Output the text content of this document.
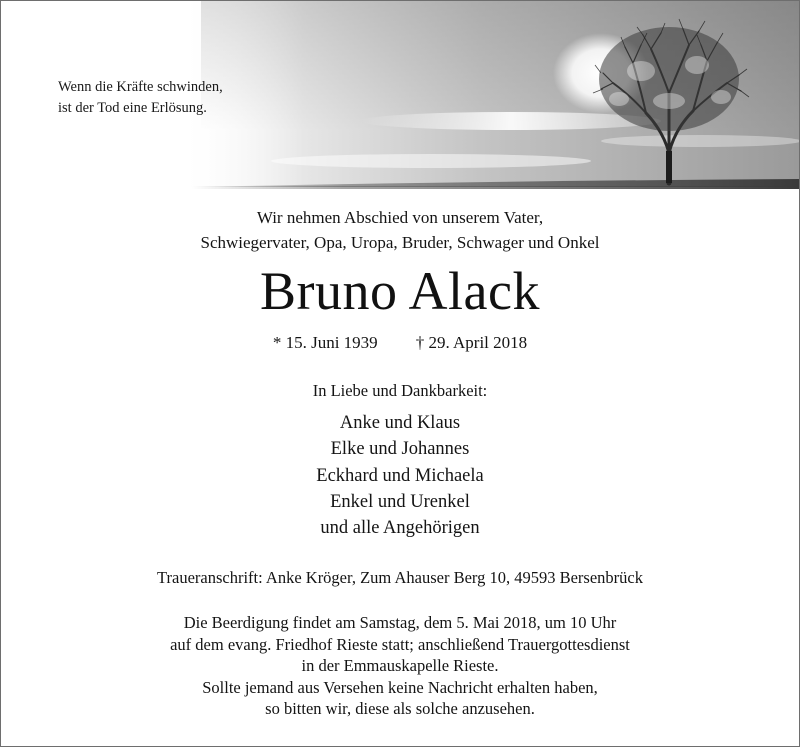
Wenn die Kräfte schwinden,
ist der Tod eine Erlösung.
Wir nehmen Abschied von unserem Vater,
Schwiegervater, Opa, Uropa, Bruder, Schwager und Onkel
Bruno Alack
* 15. Juni 1939 † 29. April 2018
In Liebe und Dankbarkeit:
Anke und Klaus
Elke und Johannes
Eckhard und Michaela
Enkel und Urenkel
und alle Angehörigen
Traueranschrift: Anke Kröger, Zum Ahauser Berg 10, 49593 Bersenbrück
Die Beerdigung findet am Samstag, dem 5. Mai 2018, um 10 Uhr
auf dem evang. Friedhof Rieste statt; anschließend Trauergottesdienst
in der Emmauskapelle Rieste.
Sollte jemand aus Versehen keine Nachricht erhalten haben,
so bitten wir, diese als solche anzusehen.
